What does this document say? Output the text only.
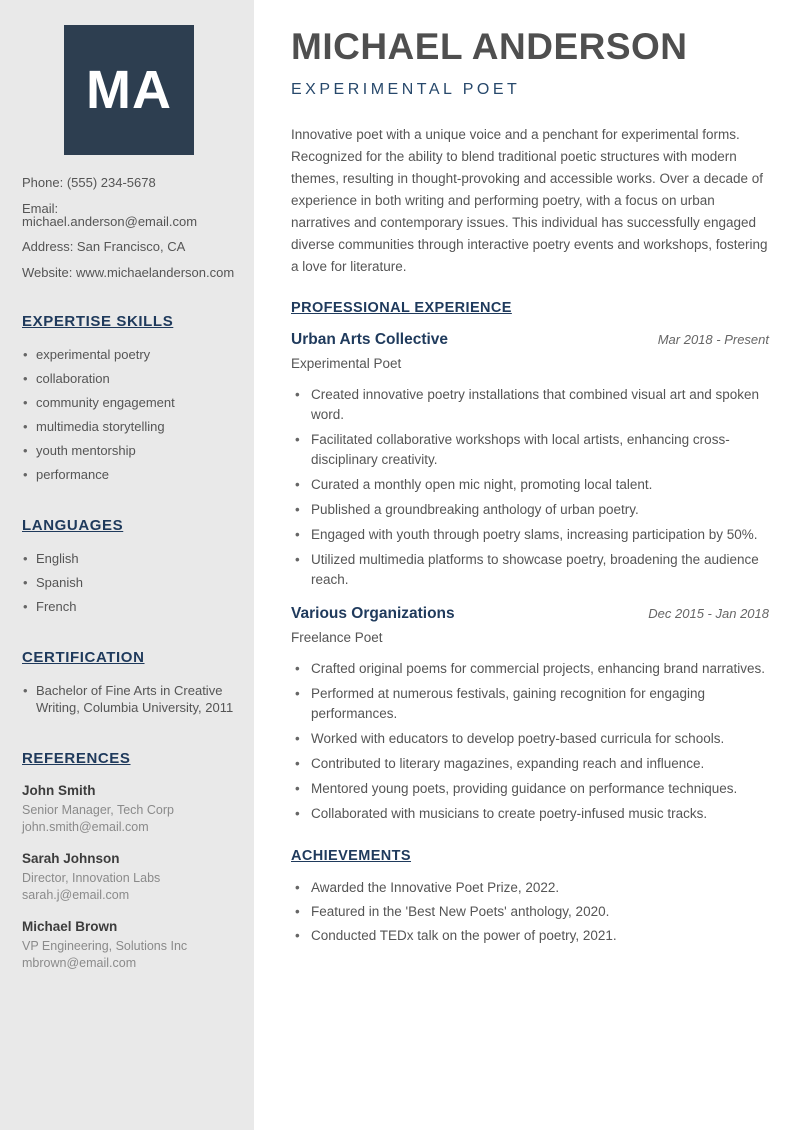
MA
Phone: (555) 234-5678
Email: michael.anderson@email.com
Address: San Francisco, CA
Website: www.michaelanderson.com
EXPERTISE SKILLS
• experimental poetry
• collaboration
• community engagement
• multimedia storytelling
• youth mentorship
• performance
LANGUAGES
• English
• Spanish
• French
CERTIFICATION
• Bachelor of Fine Arts in Creative Writing, Columbia University, 2011
REFERENCES
John Smith
Senior Manager, Tech Corp
john.smith@email.com
Sarah Johnson
Director, Innovation Labs
sarah.j@email.com
Michael Brown
VP Engineering, Solutions Inc
mbrown@email.com
MICHAEL ANDERSON
EXPERIMENTAL POET

Innovative poet with a unique voice and a penchant for experimental forms. Recognized for the ability to blend traditional poetic structures with modern themes, resulting in thought-provoking and accessible works. Over a decade of experience in both writing and performing poetry, with a focus on urban narratives and contemporary issues. This individual has successfully engaged diverse communities through interactive poetry events and workshops, fostering a love for literature.

PROFESSIONAL EXPERIENCE
Urban Arts Collective	Mar 2018 - Present
Experimental Poet
• Created innovative poetry installations that combined visual art and spoken word.
• Facilitated collaborative workshops with local artists, enhancing cross-disciplinary creativity.
• Curated a monthly open mic night, promoting local talent.
• Published a groundbreaking anthology of urban poetry.
• Engaged with youth through poetry slams, increasing participation by 50%.
• Utilized multimedia platforms to showcase poetry, broadening the audience reach.
Various Organizations	Dec 2015 - Jan 2018
Freelance Poet
• Crafted original poems for commercial projects, enhancing brand narratives.
• Performed at numerous festivals, gaining recognition for engaging performances.
• Worked with educators to develop poetry-based curricula for schools.
• Contributed to literary magazines, expanding reach and influence.
• Mentored young poets, providing guidance on performance techniques.
• Collaborated with musicians to create poetry-infused music tracks.
ACHIEVEMENTS
• Awarded the Innovative Poet Prize, 2022.
• Featured in the 'Best New Poets' anthology, 2020.
• Conducted TEDx talk on the power of poetry, 2021.
